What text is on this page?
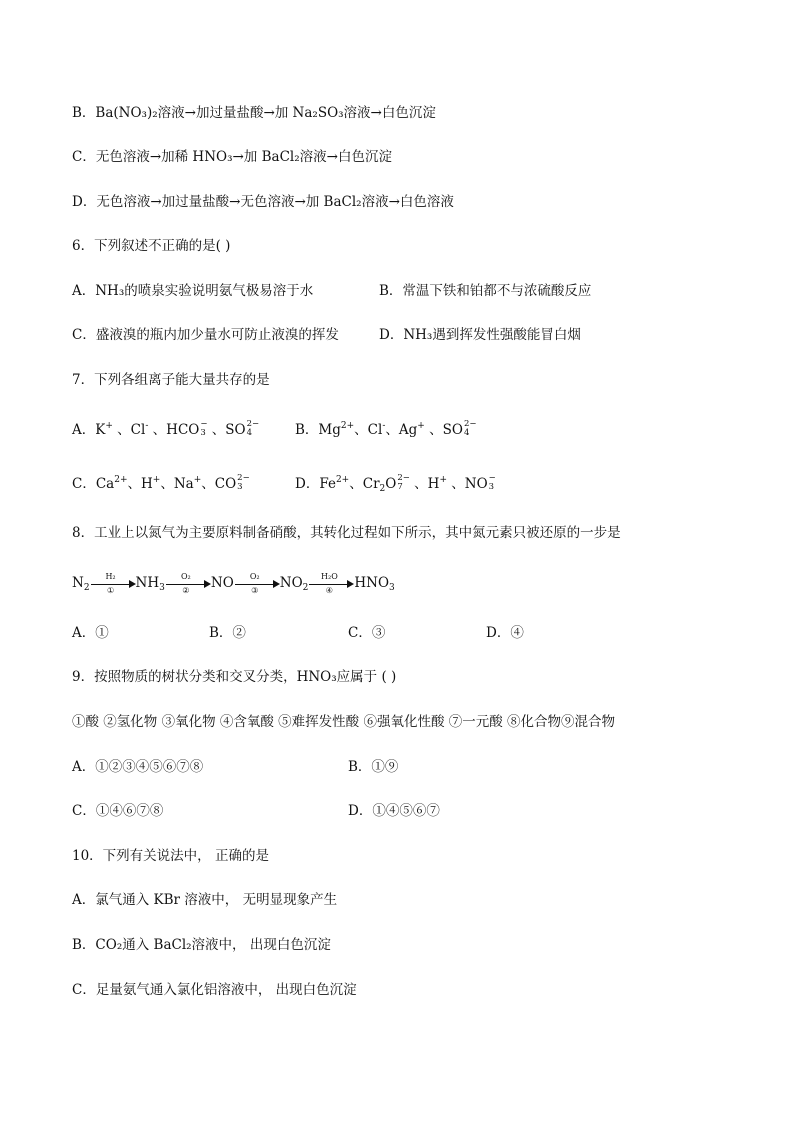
B．Ba(NO₃)₂溶液→加过量盐酸→加 Na₂SO₃溶液→白色沉淀
C．无色溶液→加稀 HNO₃→加 BaCl₂溶液→白色沉淀
D．无色溶液→加过量盐酸→无色溶液→加 BaCl₂溶液→白色溶液
6．下列叙述不正确的是( )
A．NH₃的喷泉实验说明氨气极易溶于水	B．常温下铁和铂都不与浓硫酸反应
C．盛液溴的瓶内加少量水可防止液溴的挥发	D．NH₃遇到挥发性强酸能冒白烟
7．下列各组离子能大量共存的是
A．K+ 、Cl- 、HCO −
3 、SO 2−
4	B．$Mg^{2+}$、Cl-、Ag+ 、SO 2−
4
C．$Ca^{2+}$、H+、Na+、CO 2−
3	D．$Fe^{2+}$、$Cr_2O$ 2−
7 、H+ 、NO −
3
8．工业上以氮气为主要原料制备硝酸，其转化过程如下所示，其中氮元素只被还原的一步是
$N_2$
H₂
①	$NH_3$
O₂
②	NO	O₂
③	$NO_2$
H₂O
④	$HNO_3$
A．①	B．②	C．③	D．④
9．按照物质的树状分类和交叉分类，HNO₃应属于 ( )
①酸 ②氢化物 ③氧化物 ④含氧酸 ⑤难挥发性酸 ⑥强氧化性酸 ⑦一元酸 ⑧化合物⑨混合物
A．①②③④⑤⑥⑦⑧	B．①⑨
C．①④⑥⑦⑧	D．①④⑤⑥⑦
10．下列有关说法中， 正确的是
A．氯气通入 KBr 溶液中， 无明显现象产生
B．CO₂通入 BaCl₂溶液中， 出现白色沉淀
C．足量氨气通入氯化铝溶液中， 出现白色沉淀
